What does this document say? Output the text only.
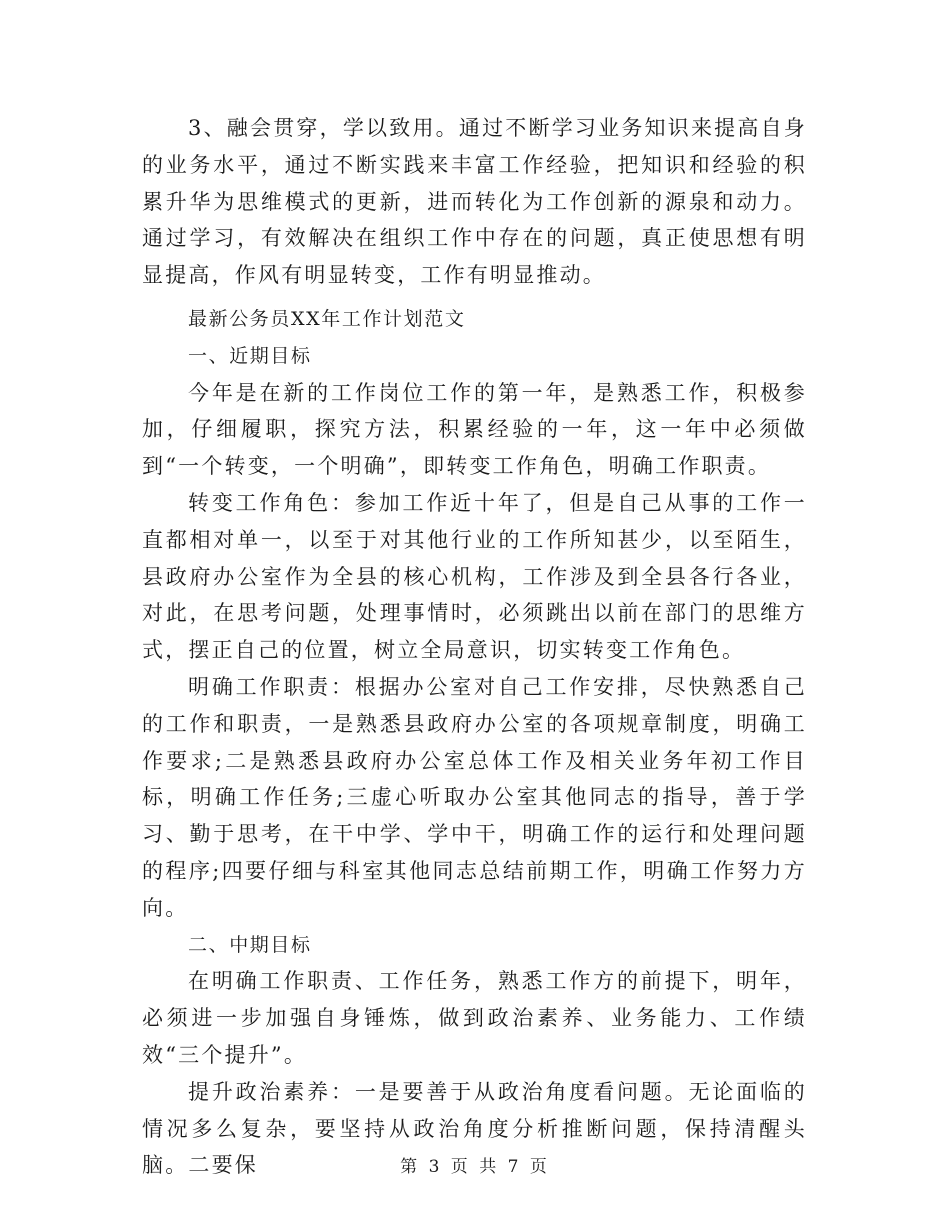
3、融会贯穿，学以致用。通过不断学习业务知识来提高自身的业务水平，通过不断实践来丰富工作经验，把知识和经验的积累升华为思维模式的更新，进而转化为工作创新的源泉和动力。通过学习，有效解决在组织工作中存在的问题，真正使思想有明显提高，作风有明显转变，工作有明显推动。

最新公务员XX年工作计划范文

一、近期目标

今年是在新的工作岗位工作的第一年，是熟悉工作，积极参加，仔细履职，探究方法，积累经验的一年，这一年中必须做到“一个转变，一个明确”，即转变工作角色，明确工作职责。

转变工作角色：参加工作近十年了，但是自己从事的工作一直都相对单一，以至于对其他行业的工作所知甚少，以至陌生，县政府办公室作为全县的核心机构，工作涉及到全县各行各业，对此，在思考问题，处理事情时，必须跳出以前在部门的思维方式，摆正自己的位置，树立全局意识，切实转变工作角色。

明确工作职责：根据办公室对自己工作安排，尽快熟悉自己的工作和职责，一是熟悉县政府办公室的各项规章制度，明确工作要求;二是熟悉县政府办公室总体工作及相关业务年初工作目标，明确工作任务;三虚心听取办公室其他同志的指导，善于学习、勤于思考，在干中学、学中干，明确工作的运行和处理问题的程序;四要仔细与科室其他同志总结前期工作，明确工作努力方向。

二、中期目标

在明确工作职责、工作任务，熟悉工作方的前提下，明年，必须进一步加强自身锤炼，做到政治素养、业务能力、工作绩效“三个提升”。

提升政治素养：一是要善于从政治角度看问题。无论面临的情况多么复杂，要坚持从政治角度分析推断问题，保持清醒头脑。二要保	第 3 页 共 7 页
